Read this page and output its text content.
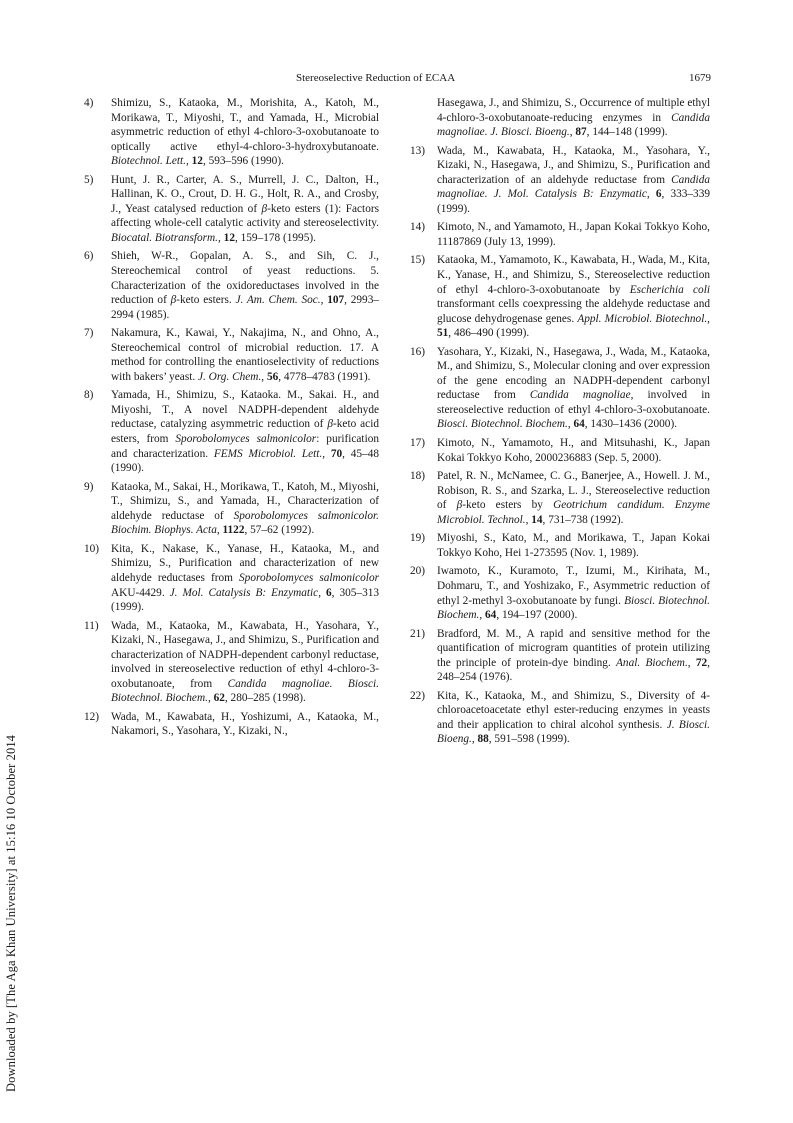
Stereoselective Reduction of ECAA	1679
Downloaded by [The Aga Khan University] at 15:16 10 October 2014
4)	Shimizu, S., Kataoka, M., Morishita, A., Katoh, M., Morikawa, T., Miyoshi, T., and Yamada, H., Microbial asymmetric reduction of ethyl 4-chloro-3-oxobutanoate to optically active ethyl-4-chloro-3-hydroxybutanoate. Biotechnol. Lett., 12, 593–596 (1990).
5)	Hunt, J. R., Carter, A. S., Murrell, J. C., Dalton, H., Hallinan, K. O., Crout, D. H. G., Holt, R. A., and Crosby, J., Yeast catalysed reduction of β-keto esters (1): Factors affecting whole-cell catalytic activity and stereoselectivity. Biocatal. Biotransform., 12, 159–178 (1995).
6)	Shieh, W-R., Gopalan, A. S., and Sih, C. J., Stereochemical control of yeast reductions. 5. Characterization of the oxidoreductases involved in the reduction of β-keto esters. J. Am. Chem. Soc., 107, 2993–2994 (1985).
7)	Nakamura, K., Kawai, Y., Nakajima, N., and Ohno, A., Stereochemical control of microbial reduction. 17. A method for controlling the enantioselectivity of reductions with bakers’ yeast. J. Org. Chem., 56, 4778–4783 (1991).
8)	Yamada, H., Shimizu, S., Kataoka. M., Sakai. H., and Miyoshi, T., A novel NADPH-dependent aldehyde reductase, catalyzing asymmetric reduction of β-keto acid esters, from Sporobolomyces salmonicolor: purification and characterization. FEMS Microbiol. Lett., 70, 45–48 (1990).
9)	Kataoka, M., Sakai, H., Morikawa, T., Katoh, M., Miyoshi, T., Shimizu, S., and Yamada, H., Characterization of aldehyde reductase of Sporobolomyces salmonicolor. Biochim. Biophys. Acta, 1122, 57–62 (1992).
10)	Kita, K., Nakase, K., Yanase, H., Kataoka, M., and Shimizu, S., Purification and characterization of new aldehyde reductases from Sporobolomyces salmonicolor AKU-4429. J. Mol. Catalysis B: Enzymatic, 6, 305–313 (1999).
11)	Wada, M., Kataoka, M., Kawabata, H., Yasohara, Y., Kizaki, N., Hasegawa, J., and Shimizu, S., Purification and characterization of NADPH-dependent carbonyl reductase, involved in stereoselective reduction of ethyl 4-chloro-3-oxobutanoate, from Candida magnoliae. Biosci. Biotechnol. Biochem., 62, 280–285 (1998).
12)	Wada, M., Kawabata, H., Yoshizumi, A., Kataoka, M., Nakamori, S., Yasohara, Y., Kizaki, N.,
Hasegawa, J., and Shimizu, S., Occurrence of multiple ethyl 4-chloro-3-oxobutanoate-reducing enzymes in Candida magnoliae. J. Biosci. Bioeng., 87, 144–148 (1999).
13)	Wada, M., Kawabata, H., Kataoka, M., Yasohara, Y., Kizaki, N., Hasegawa, J., and Shimizu, S., Purification and characterization of an aldehyde reductase from Candida magnoliae. J. Mol. Catalysis B: Enzymatic, 6, 333–339 (1999).
14)	Kimoto, N., and Yamamoto, H., Japan Kokai Tokkyo Koho, 11187869 (July 13, 1999).
15)	Kataoka, M., Yamamoto, K., Kawabata, H., Wada, M., Kita, K., Yanase, H., and Shimizu, S., Stereoselective reduction of ethyl 4-chloro-3-oxobutanoate by Escherichia coli transformant cells coexpressing the aldehyde reductase and glucose dehydrogenase genes. Appl. Microbiol. Biotechnol., 51, 486–490 (1999).
16)	Yasohara, Y., Kizaki, N., Hasegawa, J., Wada, M., Kataoka, M., and Shimizu, S., Molecular cloning and over expression of the gene encoding an NADPH-dependent carbonyl reductase from Candida magnoliae, involved in stereoselective reduction of ethyl 4-chloro-3-oxobutanoate. Biosci. Biotechnol. Biochem., 64, 1430–1436 (2000).
17)	Kimoto, N., Yamamoto, H., and Mitsuhashi, K., Japan Kokai Tokkyo Koho, 2000236883 (Sep. 5, 2000).
18)	Patel, R. N., McNamee, C. G., Banerjee, A., Howell. J. M., Robison, R. S., and Szarka, L. J., Stereoselective reduction of β-keto esters by Geotrichum candidum. Enzyme Microbiol. Technol., 14, 731–738 (1992).
19)	Miyoshi, S., Kato, M., and Morikawa, T., Japan Kokai Tokkyo Koho, Hei 1-273595 (Nov. 1, 1989).
20)	Iwamoto, K., Kuramoto, T., Izumi, M., Kirihata, M., Dohmaru, T., and Yoshizako, F., Asymmetric reduction of ethyl 2-methyl 3-oxobutanoate by fungi. Biosci. Biotechnol. Biochem., 64, 194–197 (2000).
21)	Bradford, M. M., A rapid and sensitive method for the quantification of microgram quantities of protein utilizing the principle of protein-dye binding. Anal. Biochem., 72, 248–254 (1976).
22)	Kita, K., Kataoka, M., and Shimizu, S., Diversity of 4-chloroacetoacetate ethyl ester-reducing enzymes in yeasts and their application to chiral alcohol synthesis. J. Biosci. Bioeng., 88, 591–598 (1999).
